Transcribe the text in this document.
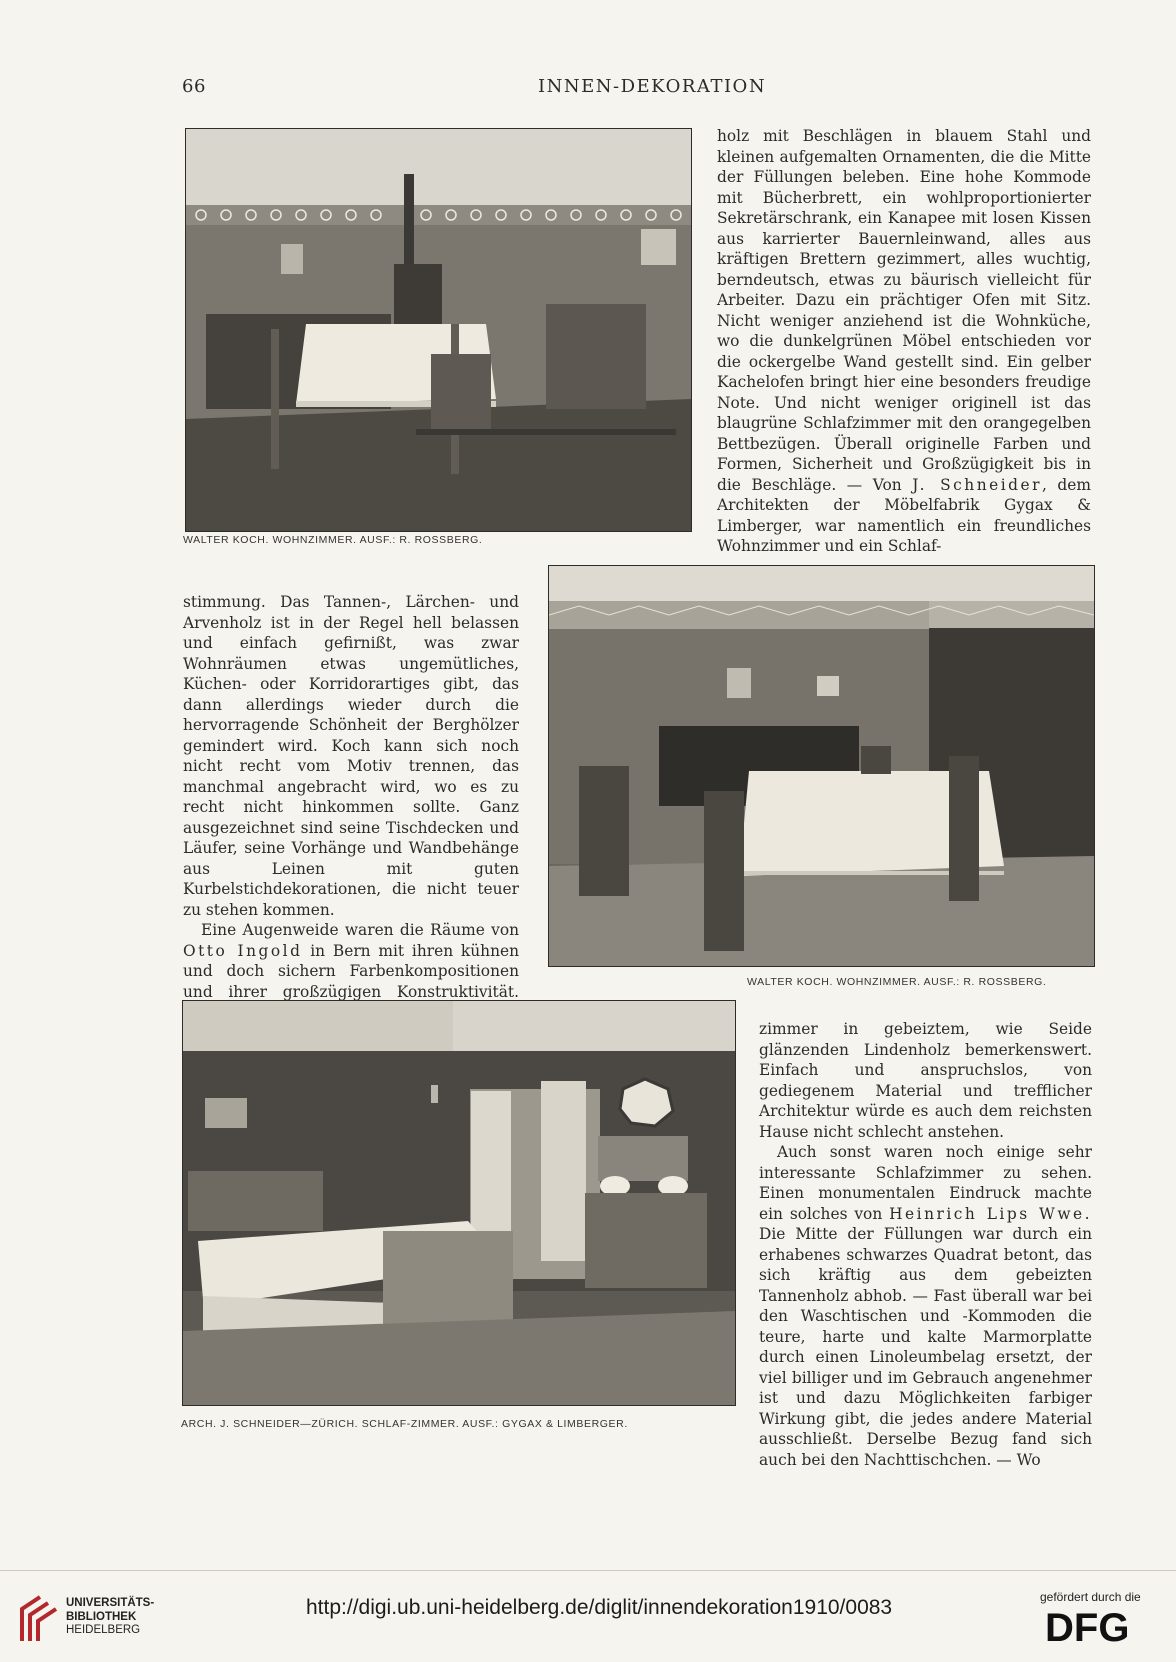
66	INNEN-DEKORATION
WALTER KOCH. WOHNZIMMER. AUSF.: R. ROSSBERG.

holz mit Beschlägen in blauem Stahl und kleinen aufgemalten Ornamenten, die die Mitte der Füllungen beleben. Eine hohe Kommode mit Bücherbrett, ein wohlproportionierter Sekretärschrank, ein Kanapee mit losen Kissen aus karrierter Bauernleinwand, alles aus kräftigen Brettern gezimmert, alles wuchtig, berndeutsch, etwas zu bäurisch vielleicht für Arbeiter. Dazu ein prächtiger Ofen mit Sitz. Nicht weniger anziehend ist die Wohnküche, wo die dunkelgrünen Möbel entschieden vor die ockergelbe Wand gestellt sind. Ein gelber Kachelofen bringt hier eine besonders freudige Note. Und nicht weniger originell ist das blaugrüne Schlafzimmer mit den orangegelben Bettbezügen. Überall originelle Farben und Formen, Sicherheit und Großzügigkeit bis in die Beschläge. — Von J. Schneider, dem Architekten der Möbelfabrik Gygax & Limberger, war namentlich ein freundliches Wohnzimmer und ein Schlaf-

WALTER KOCH. WOHNZIMMER. AUSF.: R. ROSSBERG.

stimmung. Das Tannen-, Lärchen- und Arvenholz ist in der Regel hell belassen und einfach gefirnißt, was zwar Wohnräumen etwas ungemütliches, Küchen- oder Korridorartiges gibt, das dann allerdings wieder durch die hervorragende Schönheit der Berghölzer gemindert wird. Koch kann sich noch nicht recht vom Motiv trennen, das manchmal angebracht wird, wo es zu recht nicht hinkommen sollte. Ganz ausgezeichnet sind seine Tischdecken und Läufer, seine Vorhänge und Wandbehänge aus Leinen mit guten Kurbelstichdekorationen, die nicht teuer zu stehen kommen.

Eine Augenweide waren die Räume von Otto Ingold in Bern mit ihren kühnen und doch sichern Farbenkompositionen und ihrer großzügigen Konstruktivität.

ARCH. J. SCHNEIDER—ZÜRICH. SCHLAF-ZIMMER. AUSF.: GYGAX & LIMBERGER.

zimmer in gebeiztem, wie Seide glänzenden Lindenholz bemerkenswert. Einfach und anspruchslos, von gediegenem Material und trefflicher Architektur würde es auch dem reichsten Hause nicht schlecht anstehen.

Auch sonst waren noch einige sehr interessante Schlafzimmer zu sehen. Einen monumentalen Eindruck machte ein solches von Heinrich Lips Wwe. Die Mitte der Füllungen war durch ein erhabenes schwarzes Quadrat betont, das sich kräftig aus dem gebeizten Tannenholz abhob. — Fast überall war bei den Waschtischen und -Kommoden die teure, harte und kalte Marmorplatte durch einen Linoleumbelag ersetzt, der viel billiger und im Gebrauch angenehmer ist und dazu Möglichkeiten farbiger Wirkung gibt, die jedes andere Material ausschließt. Derselbe Bezug fand sich auch bei den Nachttischchen. — Wo

UNIVERSITÄTS-
BIBLIOTHEK
HEIDELBERG
http://digi.ub.uni-heidelberg.de/diglit/innendekoration1910/0083	gefördert durch die
DFG
